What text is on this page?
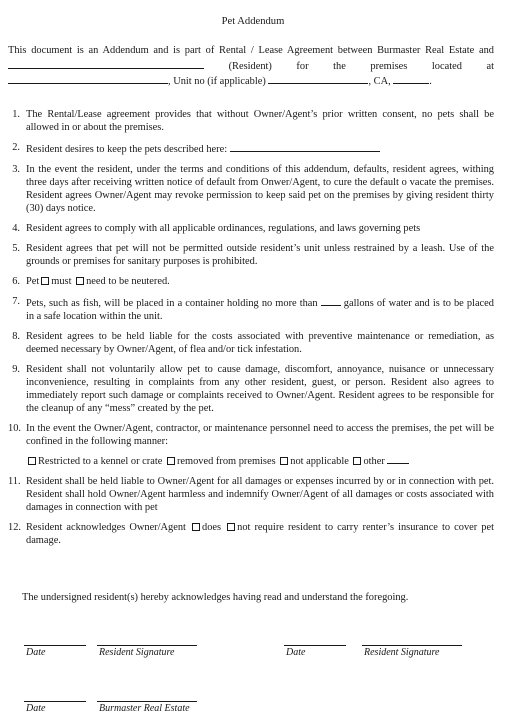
Pet Addendum
This document is an Addendum and is part of Rental / Lease Agreement between Burmaster Real Estate and  (Resident) for the premises located at , Unit no (if applicable)	, CA,	.
1. The Rental/Lease agreement provides that without Owner/Agent’s prior written consent, no pets shall be allowed in or about the premises.
2. Resident desires to keep the pets described here:
3. In the event the resident, under the terms and conditions of this addendum, defaults, resident agrees, withing three days after receiving written notice of default from Onwer/Agent, to cure the default o vacate the premises. Resident agrees Owner/Agent may revoke permission to keep said pet on the premises by giving resident thirty (30) days notice.
4. Resident agrees to comply with all applicable ordinances, regulations, and laws governing pets
5. Resident agrees that pet will not be permitted outside resident’s unit unless restrained by a leash. Use of the grounds or premises for sanitary purposes is prohibited.
6. Pet must need to be neutered.
7. Pets, such as fish, will be placed in a container holding no more than	gallons of water and is to be placed in a safe location within the unit.
8. Resident agrees to be held liable for the costs associated with preventive maintenance or remediation, as deemed necessary by Owner/Agent, of flea and/or tick infestation.
9. Resident shall not voluntarily allow pet to cause damage, discomfort, annoyance, nuisance or unnecessary inconvenience, resulting in complaints from any other resident, guest, or person. Resident also agrees to immediately report such damage or complaints received to Owner/Agent. Resident agrees to be responsible for the cleanup of any “mess” created by the pet.
10. In the event the Owner/Agent, contractor, or maintenance personnel need to access the premises, the pet will be confined in the following manner:
Restricted to a kennel or crate removed from premises not applicable other
11. Resident shall be held liable to Owner/Agent for all damages or expenses incurred by or in connection with pet. Resident shall hold Owner/Agent harmless and indemnify Owner/Agent of all damages or costs associated with damages in connection with pet
12. Resident acknowledges Owner/Agent does not require resident to carry renter’s insurance to cover pet damage.
The undersigned resident(s) hereby acknowledges having read and understand the foregoing.
Date	Resident Signature	Date	Resident Signature
Date	Burmaster Real Estate
